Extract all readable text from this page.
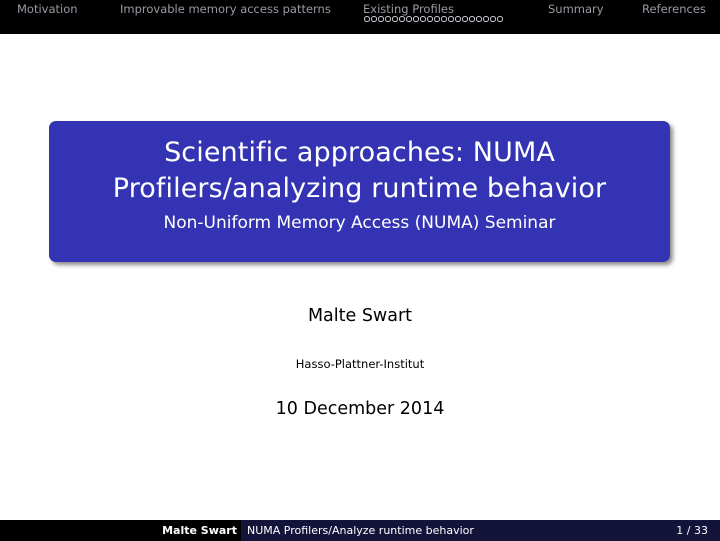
Motivation	Improvable memory access patterns	Existing Profiles	Summary	References
Scientific approaches: NUMA
Profilers/analyzing runtime behavior
Non-Uniform Memory Access (NUMA) Seminar
Malte Swart
Hasso-Plattner-Institut
10 December 2014
Malte Swart NUMA Profilers/Analyze runtime behavior	1 / 33
